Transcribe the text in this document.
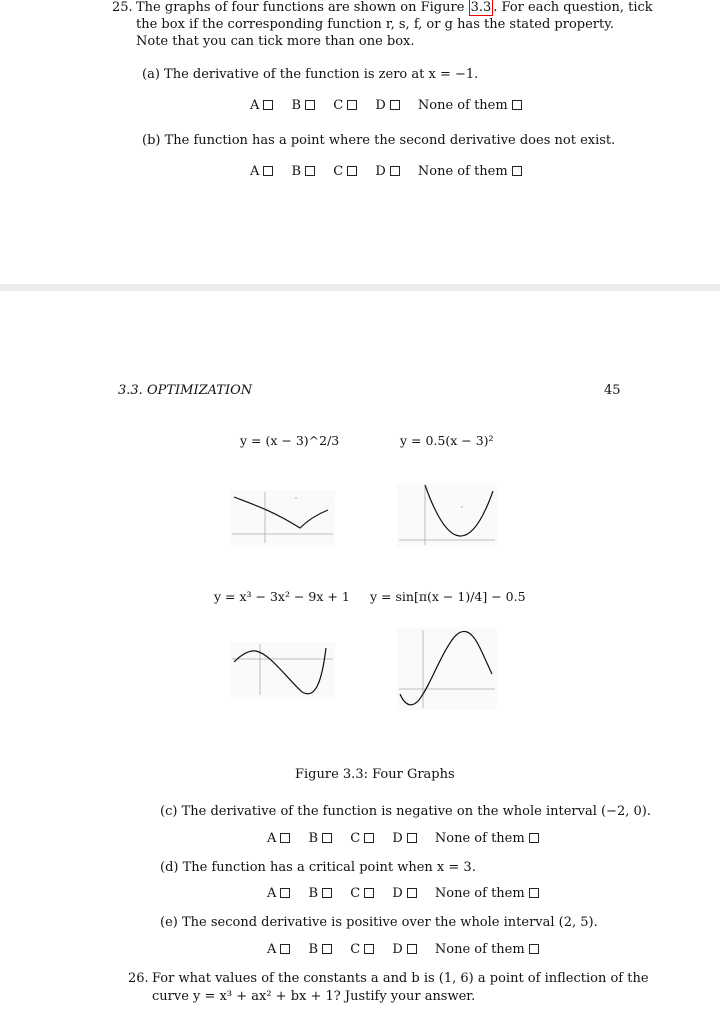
25. The graphs of four functions are shown on Figure 3.3 . For each question, tick
the box if the corresponding function r, s, f, or g has the stated property.
Note that you can tick more than one box.
(a) The derivative of the function is zero at x = −1.
A B C D None of them
(b) The function has a point where the second derivative does not exist.
A B C D None of them
3.3. OPTIMIZATION	45
y = (x − 3)^2/3	y = 0.5(x − 3)²
y = x³ − 3x² − 9x + 1 y = sin[π(x − 1)/4] − 0.5
Figure 3.3: Four Graphs
(c) The derivative of the function is negative on the whole interval (−2, 0).
A B C D None of them
(d) The function has a critical point when x = 3.
A B C D None of them
(e) The second derivative is positive over the whole interval (2, 5).
A B C D None of them
26. For what values of the constants a and b is (1, 6) a point of inflection of the
curve y = x³ + ax² + bx + 1? Justify your answer.
